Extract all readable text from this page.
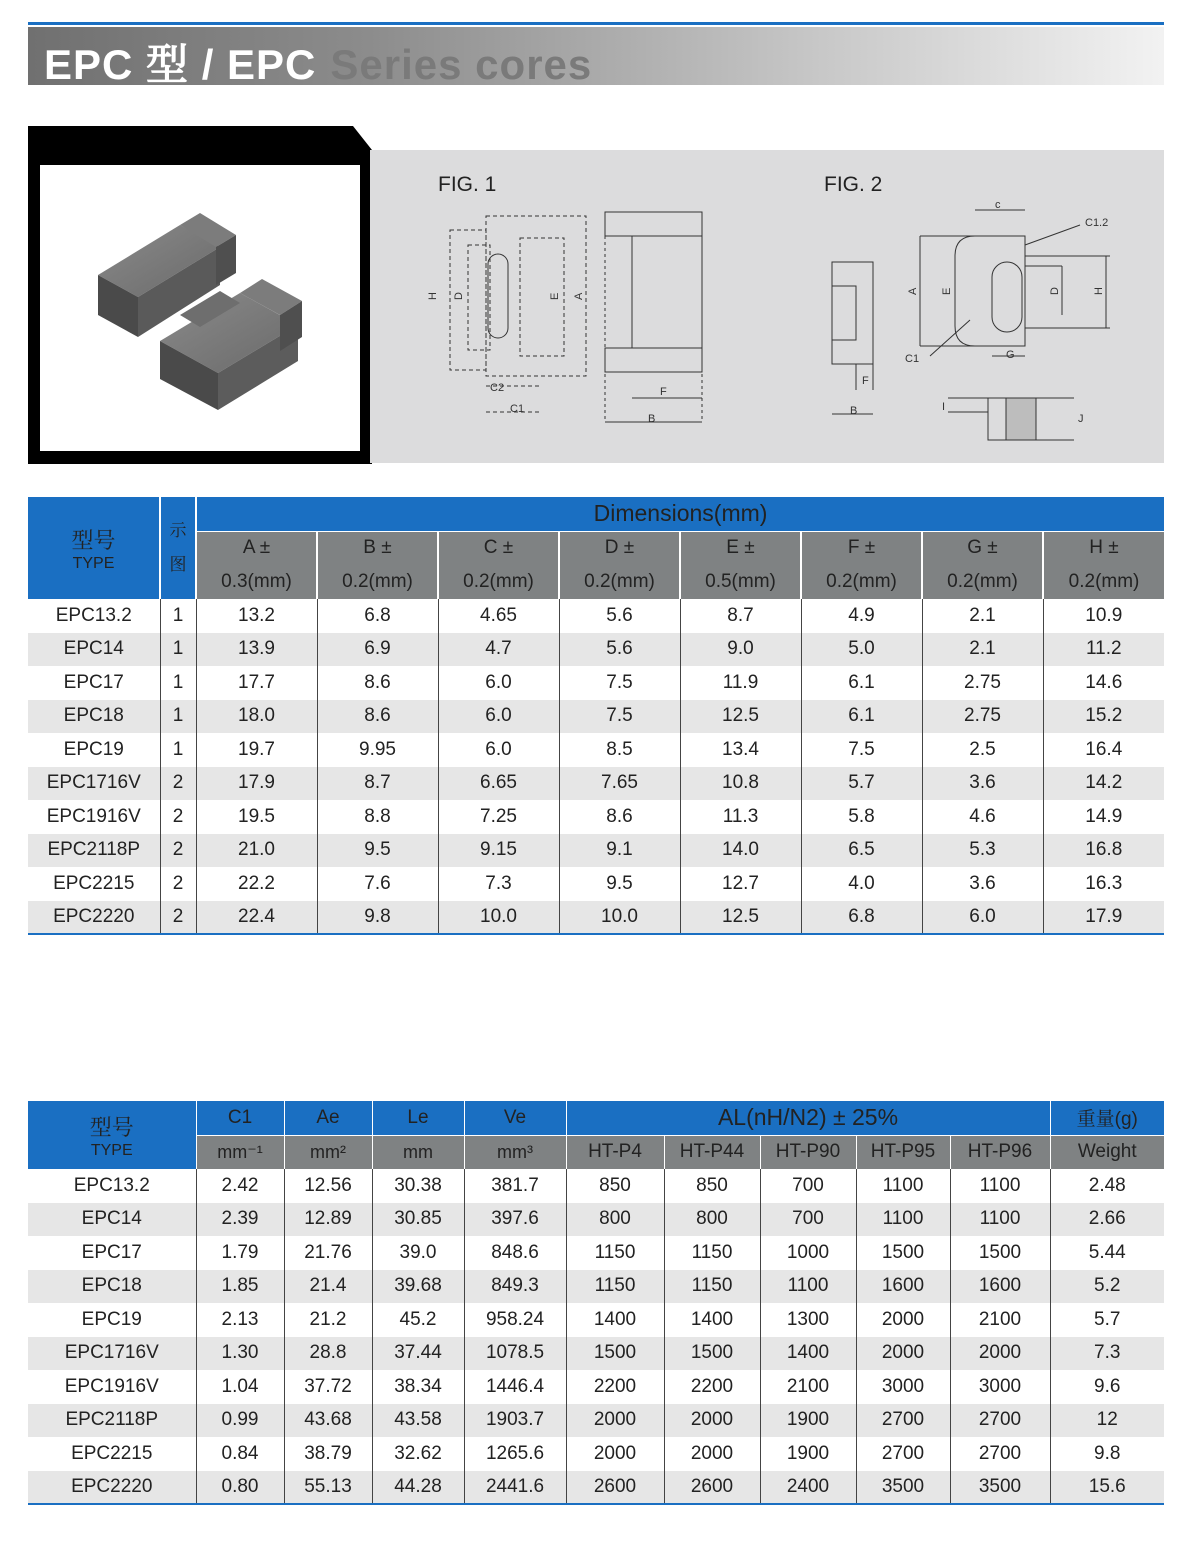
EPC 型 / EPC Series cores
FIG. 1	FIG. 2
H D	E A
C2
C1
F
B
c
C1.2
A E	D	H
C1	G
F
B	I
J
型号
TYPE	示图	Dimensions(mm)							
		A ±	B ±	C ±	D ±	E ±	F ±	G ±	H ±
		0.3(mm)	0.2(mm)	0.2(mm)	0.2(mm)	0.5(mm)	0.2(mm)	0.2(mm)	0.2(mm)
EPC13.2	1	13.2	6.8	4.65	5.6	8.7	4.9	2.1	10.9
EPC14	1	13.9	6.9	4.7	5.6	9.0	5.0	2.1	11.2
EPC17	1	17.7	8.6	6.0	7.5	11.9	6.1	2.75	14.6
EPC18	1	18.0	8.6	6.0	7.5	12.5	6.1	2.75	15.2
EPC19	1	19.7	9.95	6.0	8.5	13.4	7.5	2.5	16.4
EPC1716V	2	17.9	8.7	6.65	7.65	10.8	5.7	3.6	14.2
EPC1916V	2	19.5	8.8	7.25	8.6	11.3	5.8	4.6	14.9
EPC2118P	2	21.0	9.5	9.15	9.1	14.0	6.5	5.3	16.8
EPC2215	2	22.2	7.6	7.3	9.5	12.7	4.0	3.6	16.3
EPC2220	2	22.4	9.8	10.0	10.0	12.5	6.8	6.0	17.9
型号
TYPE	C1	Ae	Le	Ve	AL(nH/N2) ± 25%					重量(g)
	mm⁻¹	mm²	mm	mm³	HT-P4	HT-P44	HT-P90	HT-P95	HT-P96	Weight
EPC13.2	2.42	12.56	30.38	381.7	850	850	700	1100	1100	2.48
EPC14	2.39	12.89	30.85	397.6	800	800	700	1100	1100	2.66
EPC17	1.79	21.76	39.0	848.6	1150	1150	1000	1500	1500	5.44
EPC18	1.85	21.4	39.68	849.3	1150	1150	1100	1600	1600	5.2
EPC19	2.13	21.2	45.2	958.24	1400	1400	1300	2000	2100	5.7
EPC1716V	1.30	28.8	37.44	1078.5	1500	1500	1400	2000	2000	7.3
EPC1916V	1.04	37.72	38.34	1446.4	2200	2200	2100	3000	3000	9.6
EPC2118P	0.99	43.68	43.58	1903.7	2000	2000	1900	2700	2700	12
EPC2215	0.84	38.79	32.62	1265.6	2000	2000	1900	2700	2700	9.8
EPC2220	0.80	55.13	44.28	2441.6	2600	2600	2400	3500	3500	15.6
